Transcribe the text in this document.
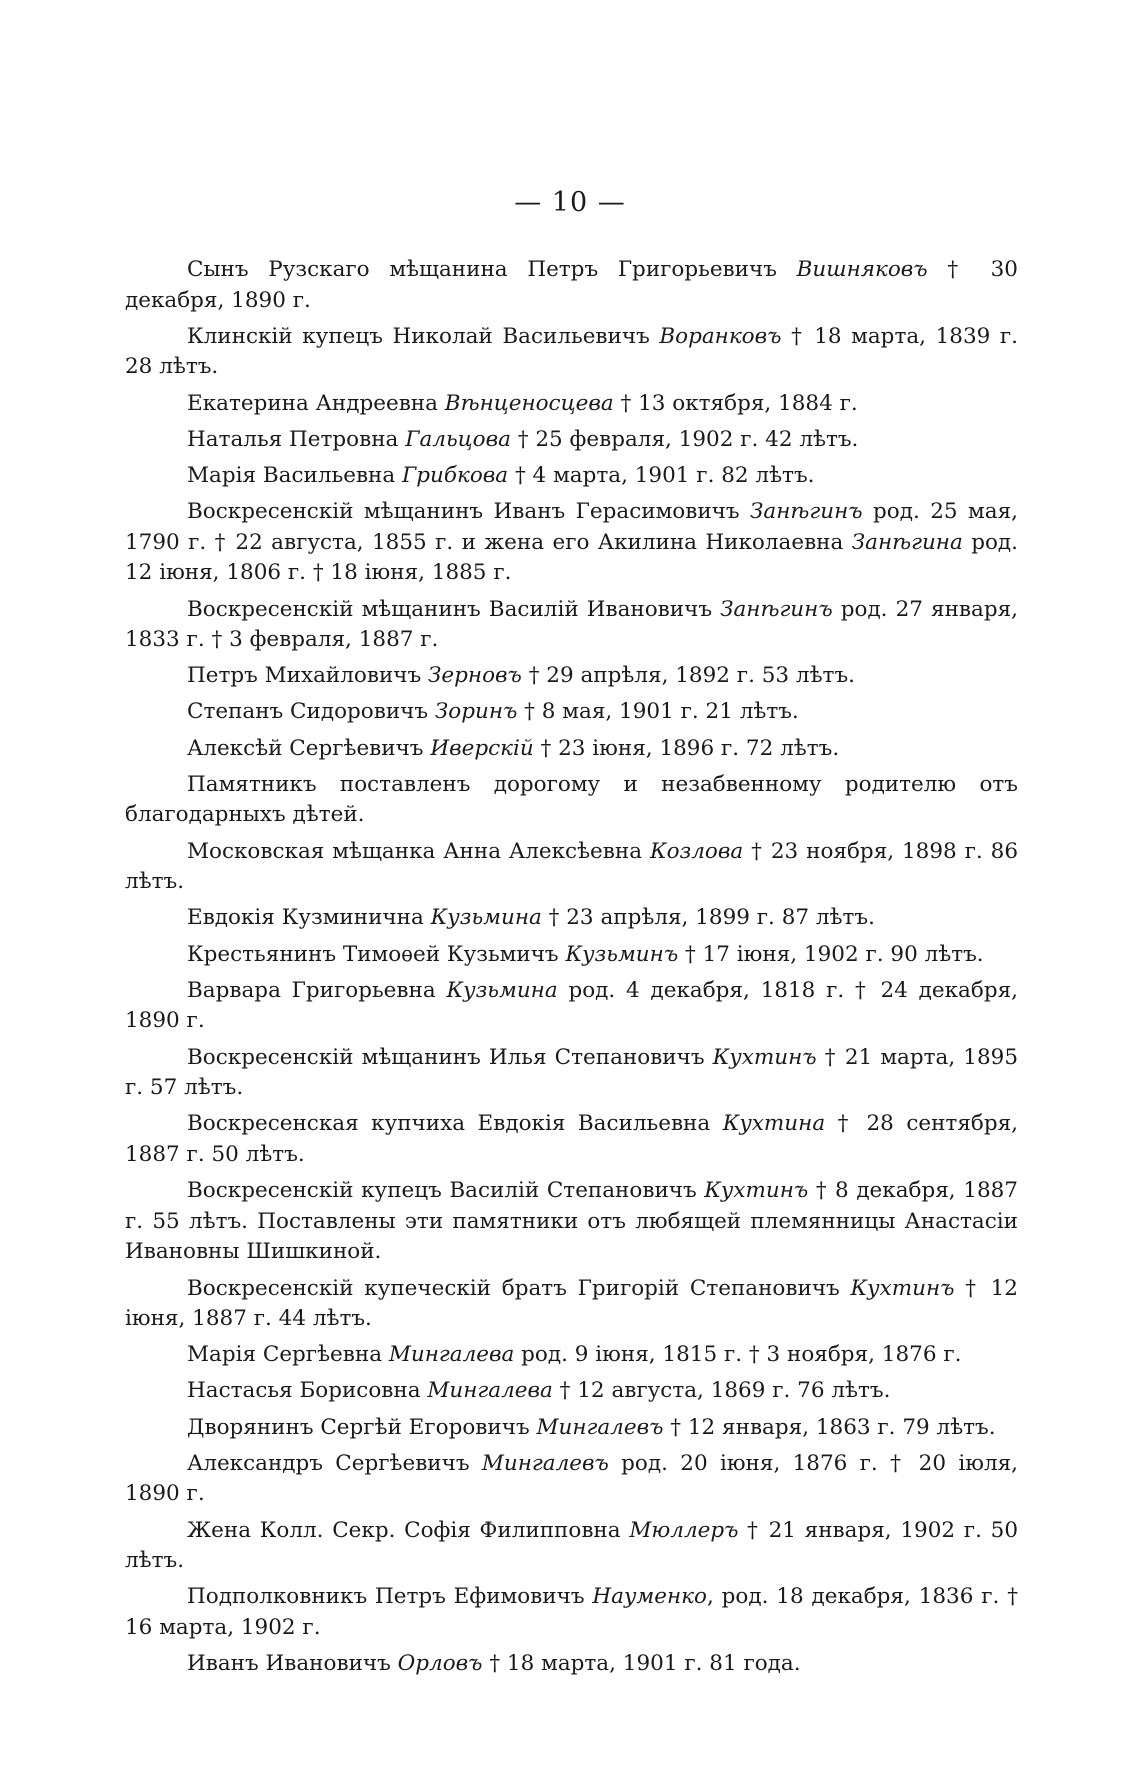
— 10 —

Сынъ Рузскаго мѣщанина Петръ Григорьевичъ Вишняковъ † 30 декабря, 1890 г.

Клинскій купецъ Николай Васильевичъ Воранковъ † 18 марта, 1839 г. 28 лѣтъ.

Екатерина Андреевна Вѣнценосцева † 13 октября, 1884 г.

Наталья Петровна Гальцова † 25 февраля, 1902 г. 42 лѣтъ.

Марія Васильевна Грибкова † 4 марта, 1901 г. 82 лѣтъ.

Воскресенскій мѣщанинъ Иванъ Герасимовичъ Занѣгинъ род. 25 мая, 1790 г. † 22 августа, 1855 г. и жена его Акилина Николаевна Занѣгина род. 12 іюня, 1806 г. † 18 іюня, 1885 г.

Воскресенскій мѣщанинъ Василій Ивановичъ Занѣгинъ род. 27 января, 1833 г. † 3 февраля, 1887 г.

Петръ Михайловичъ Зерновъ † 29 апрѣля, 1892 г. 53 лѣтъ.

Степанъ Сидоровичъ Зоринъ † 8 мая, 1901 г. 21 лѣтъ.

Алексѣй Сергѣевичъ Иверскій † 23 іюня, 1896 г. 72 лѣтъ.

Памятникъ поставленъ дорогому и незабвенному родителю отъ благодарныхъ дѣтей.

Московская мѣщанка Анна Алексѣевна Козлова † 23 ноября, 1898 г. 86 лѣтъ.

Евдокія Кузминична Кузьмина † 23 апрѣля, 1899 г. 87 лѣтъ.

Крестьянинъ Тимоѳей Кузьмичъ Кузьминъ † 17 іюня, 1902 г. 90 лѣтъ.

Варвара Григорьевна Кузьмина род. 4 декабря, 1818 г. † 24 декабря, 1890 г.

Воскресенскій мѣщанинъ Илья Степановичъ Кухтинъ † 21 марта, 1895 г. 57 лѣтъ.

Воскресенская купчиха Евдокія Васильевна Кухтина † 28 сентября, 1887 г. 50 лѣтъ.

Воскресенскій купецъ Василій Степановичъ Кухтинъ † 8 декабря, 1887 г. 55 лѣтъ. Поставлены эти памятники отъ любящей племянницы Анастасіи Ивановны Шишкиной.

Воскресенскій купеческій братъ Григорій Степановичъ Кухтинъ † 12 іюня, 1887 г. 44 лѣтъ.

Марія Сергѣевна Мингалева род. 9 іюня, 1815 г. † 3 ноября, 1876 г.

Настасья Борисовна Мингалева † 12 августа, 1869 г. 76 лѣтъ.

Дворянинъ Сергѣй Егоровичъ Мингалевъ † 12 января, 1863 г. 79 лѣтъ.

Александръ Сергѣевичъ Мингалевъ род. 20 іюня, 1876 г. † 20 іюля, 1890 г.

Жена Колл. Секр. Софія Филипповна Мюллеръ † 21 января, 1902 г. 50 лѣтъ.

Подполковникъ Петръ Ефимовичъ Науменко, род. 18 декабря, 1836 г. † 16 марта, 1902 г.

Иванъ Ивановичъ Орловъ † 18 марта, 1901 г. 81 года.
